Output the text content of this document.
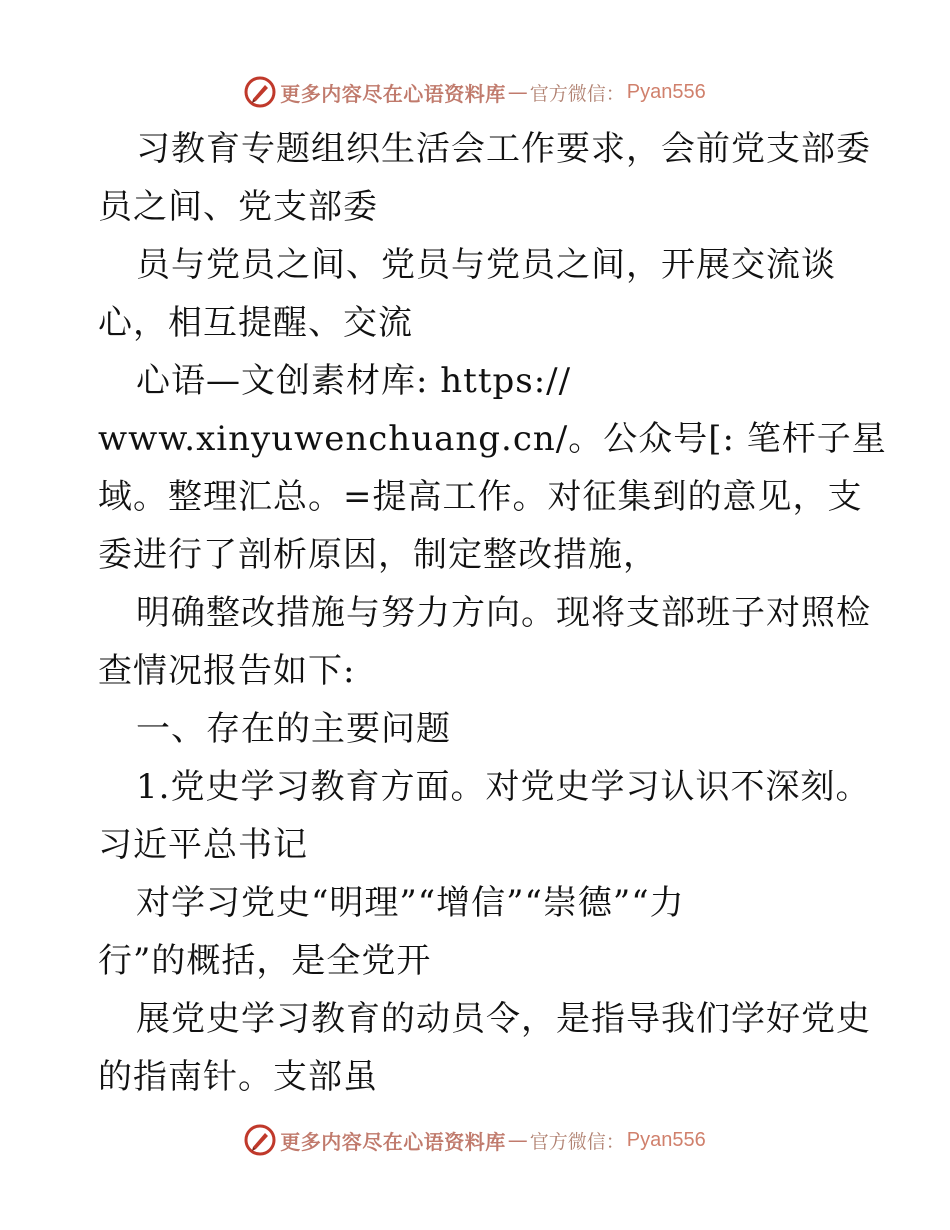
更多内容尽在心语资料库 — 官方微信： Pyan556
习教育专题组织生活会工作要求，会前党支部委
员之间、党支部委
员与党员之间、党员与党员之间，开展交流谈
心，相互提醒、交流
心语—文创素材库: https://
www.xinyuwenchuang.cn/。公众号[: 笔杆子星
域。整理汇总。=提高工作。对征集到的意见，支
委进行了剖析原因，制定整改措施，
明确整改措施与努力方向。现将支部班子对照检
查情况报告如下:
一、存在的主要问题
1.党史学习教育方面。对党史学习认识不深刻。
习近平总书记
对学习党史“明理”“增信”“崇德”“力
行”的概括，是全党开
展党史学习教育的动员令，是指导我们学好党史
的指南针。支部虽
更多内容尽在心语资料库 — 官方微信： Pyan556
